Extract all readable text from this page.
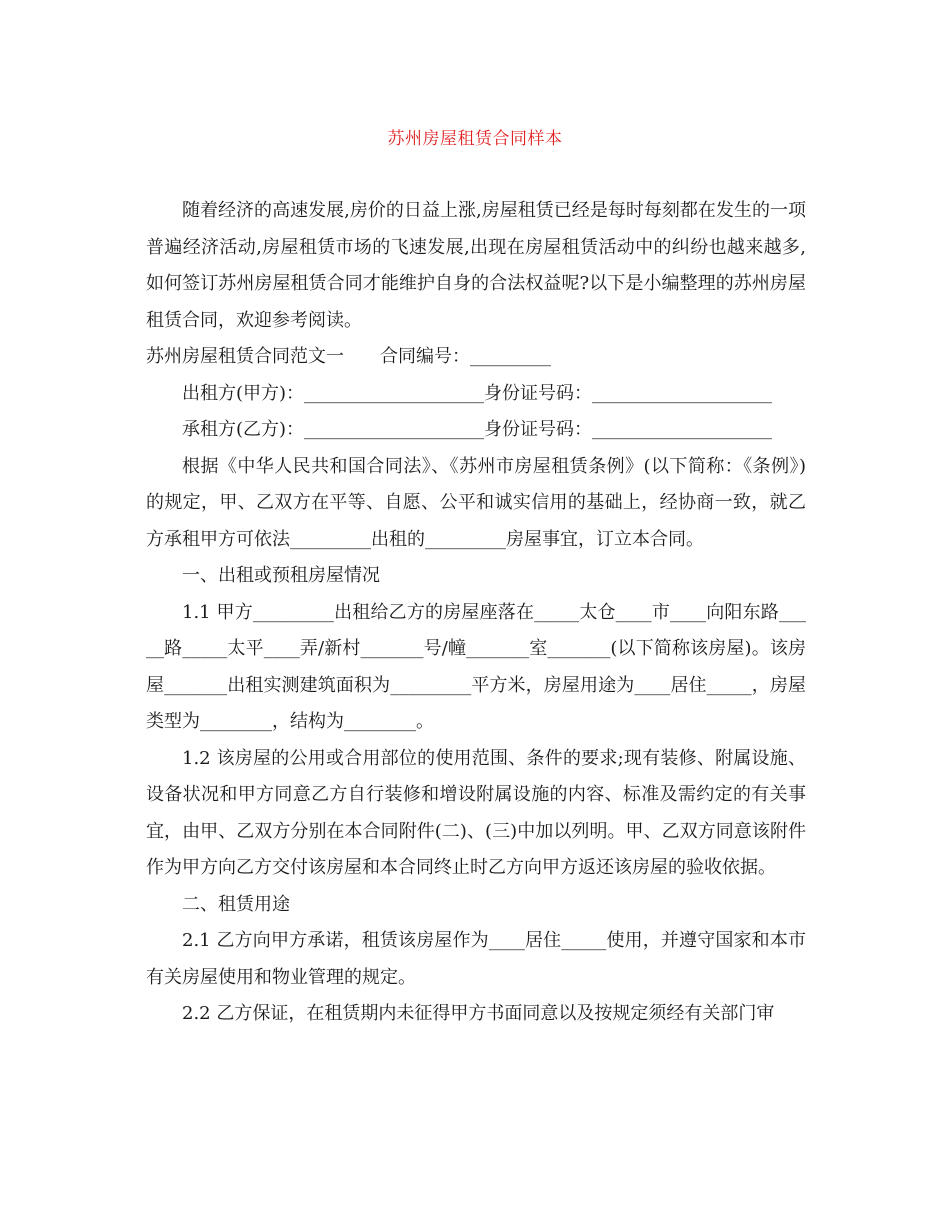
苏州房屋租赁合同样本

随着经济的高速发展,房价的日益上涨,房屋租赁已经是每时每刻都在发生的一项普遍经济活动,房屋租赁市场的飞速发展,出现在房屋租赁活动中的纠纷也越来越多,如何签订苏州房屋租赁合同才能维护自身的合法权益呢?以下是小编整理的苏州房屋租赁合同，欢迎参考阅读。

苏州房屋租赁合同范文一　　合同编号：_________

出租方(甲方)：____________________身份证号码：____________________

承租方(乙方)：____________________身份证号码：____________________

根据《中华人民共和国合同法》、《苏州市房屋租赁条例》(以下简称：《条例》)的规定，甲、乙双方在平等、自愿、公平和诚实信用的基础上，经协商一致，就乙方承租甲方可依法_________出租的_________房屋事宜，订立本合同。

一、出租或预租房屋情况

1.1 甲方_________出租给乙方的房屋座落在_____太仓____市____向阳东路_____路_____太平____弄/新村_______号/幢_______室_______(以下简称该房屋)。该房屋_______出租实测建筑面积为_________平方米，房屋用途为____居住_____，房屋类型为________，结构为________。

1.2 该房屋的公用或合用部位的使用范围、条件的要求;现有装修、附属设施、设备状况和甲方同意乙方自行装修和增设附属设施的内容、标准及需约定的有关事宜，由甲、乙双方分别在本合同附件(二)、(三)中加以列明。甲、乙双方同意该附件作为甲方向乙方交付该房屋和本合同终止时乙方向甲方返还该房屋的验收依据。

二、租赁用途

2.1 乙方向甲方承诺，租赁该房屋作为____居住_____使用，并遵守国家和本市有关房屋使用和物业管理的规定。

2.2 乙方保证，在租赁期内未征得甲方书面同意以及按规定须经有关部门审
